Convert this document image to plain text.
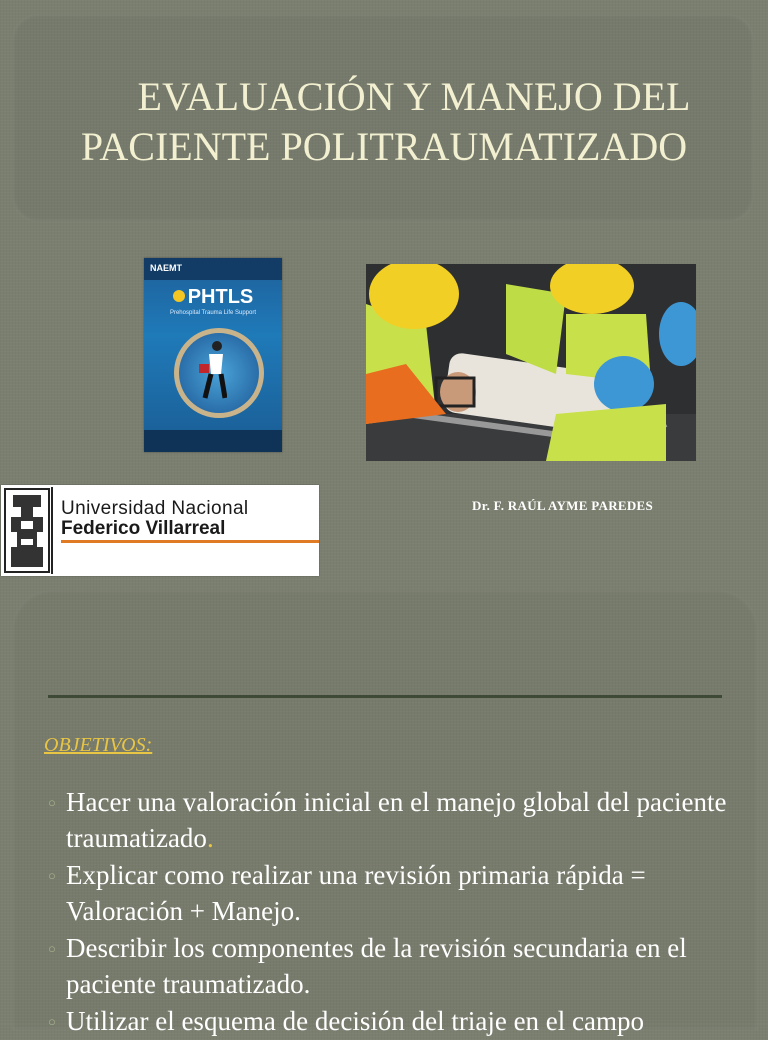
EVALUACIÓN Y MANEJO DEL
PACIENTE POLITRAUMATIZADO
NAEMT
PHTLS
Prehospital Trauma Life Support
Universidad Nacional
Federico Villarreal
Dr. F. RAÚL AYME PAREDES
OBJETIVOS:
○ Hacer una valoración inicial en el manejo global del paciente traumatizado.
○ Explicar como realizar una revisión primaria rápida = Valoración + Manejo.
○ Describir los componentes de la revisión secundaria en el paciente traumatizado.
○ Utilizar el esquema de decisión del triaje en el campo
